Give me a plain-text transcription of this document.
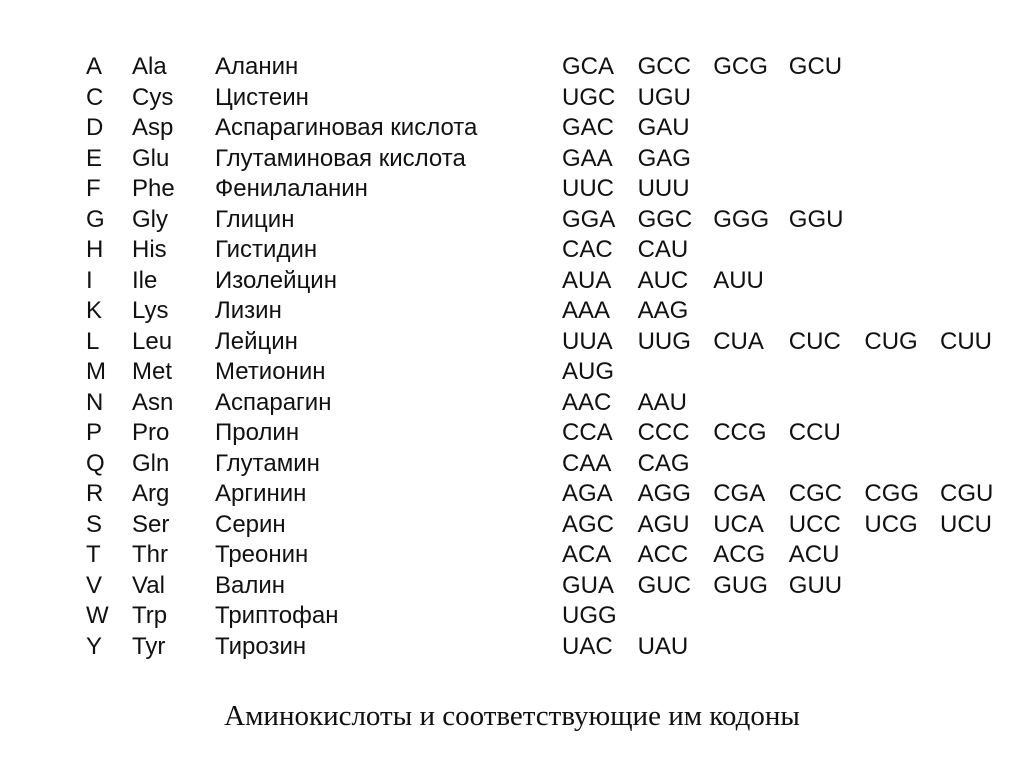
A Ala Аланин	GCA GCC GCG GCU
C Cys Цистеин	UGC UGU
D Asp Аспарагиновая кислота	GAC GAU
E Glu Глутаминовая кислота	GAA GAG
F Phe Фенилаланин	UUC UUU
G Gly Глицин	GGA GGC GGG GGU
H His Гистидин	CAC CAU
I Ile Изолейцин	AUA AUC AUU
K Lys Лизин	AAA AAG
L Leu Лейцин	UUA UUG CUA CUC CUG CUU
M Met Метионин	AUG
N Asn Аспарагин	AAC AAU
P Pro Пролин	CCA CCC CCG CCU
Q Gln Глутамин	CAA CAG
R Arg Аргинин	AGA AGG CGA CGC CGG CGU
S Ser Серин	AGC AGU UCA UCC UCG UCU
T Thr Треонин	ACA ACC ACG ACU
V Val Валин	GUA GUC GUG GUU
W Trp Триптофан	UGG
Y Tyr Тирозин	UAC UAU
Аминокислоты и соответствующие им кодоны
